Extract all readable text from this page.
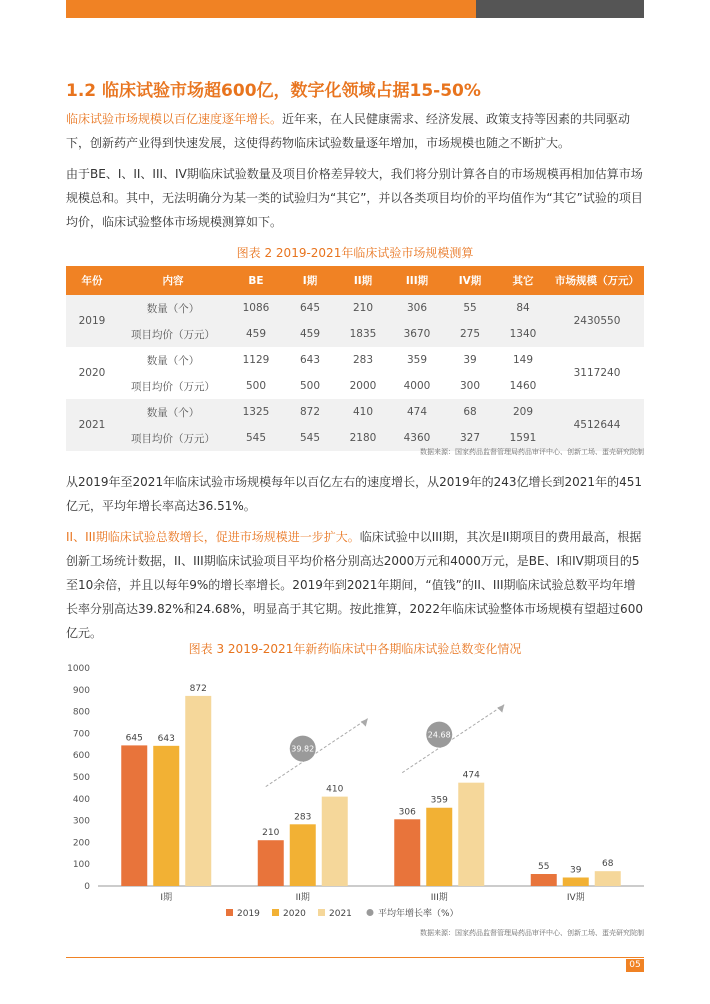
1.2 临床试验市场超600亿，数字化领域占据15-50%

临床试验市场规模以百亿速度逐年增长。近年来，在人民健康需求、经济发展、政策支持等因素的共同驱动下，创新药产业得到快速发展，这使得药物临床试验数量逐年增加，市场规模也随之不断扩大。

由于BE、I、II、III、IV期临床试验数量及项目价格差异较大，我们将分别计算各自的市场规模再相加估算市场规模总和。其中，无法明确分为某一类的试验归为“其它”，并以各类项目均价的平均值作为“其它”试验的项目均价，临床试验整体市场规模测算如下。

图表 2 2019-2021年临床试验市场规模测算

年份	内容	BE	I期	II期	III期	IV期	其它	市场规模（万元）
2019	数量（个）	1086	645	210	306	55	84	2430550
	项目均价（万元）	459	459	1835	3670	275	1340	
2020	数量（个）	1129	643	283	359	39	149	3117240
	项目均价（万元）	500	500	2000	4000	300	1460	
2021	数量（个）	1325	872	410	474	68	209	4512644
	项目均价（万元）	545	545	2180	4360	327	1591	
数据来源：国家药品监督管理局药品审评中心、创新工场、蛋壳研究院制

从2019年至2021年临床试验市场规模每年以百亿左右的速度增长，从2019年的243亿增长到2021年的451亿元，平均年增长率高达36.51%。

II、III期临床试验总数增长，促进市场规模进一步扩大。临床试验中以III期，其次是II期项目的费用最高，根据创新工场统计数据，II、III期临床试验项目平均价格分别高达2000万元和4000万元，是BE、I和IV期项目的5至10余倍，并且以每年9%的增长率增长。2019年到2021年期间，“值钱”的II、III期临床试验总数平均年增长率分别高达39.82%和24.68%，明显高于其它期。按此推算，2022年临床试验整体市场规模有望超过600亿元。

图表 3 2019-2021年新药临床试中各期临床试验总数变化情况

0
100
200
300
400
500
600
700
800
900
1000
645 643
872
I期
210
283
410
II期
306
359
474
III期
55 39
68
IV期
39.82
24.68
2019	2020	2021	平均年增长率（%）
数据来源：国家药品监督管理局药品审评中心、创新工场、蛋壳研究院制
05
